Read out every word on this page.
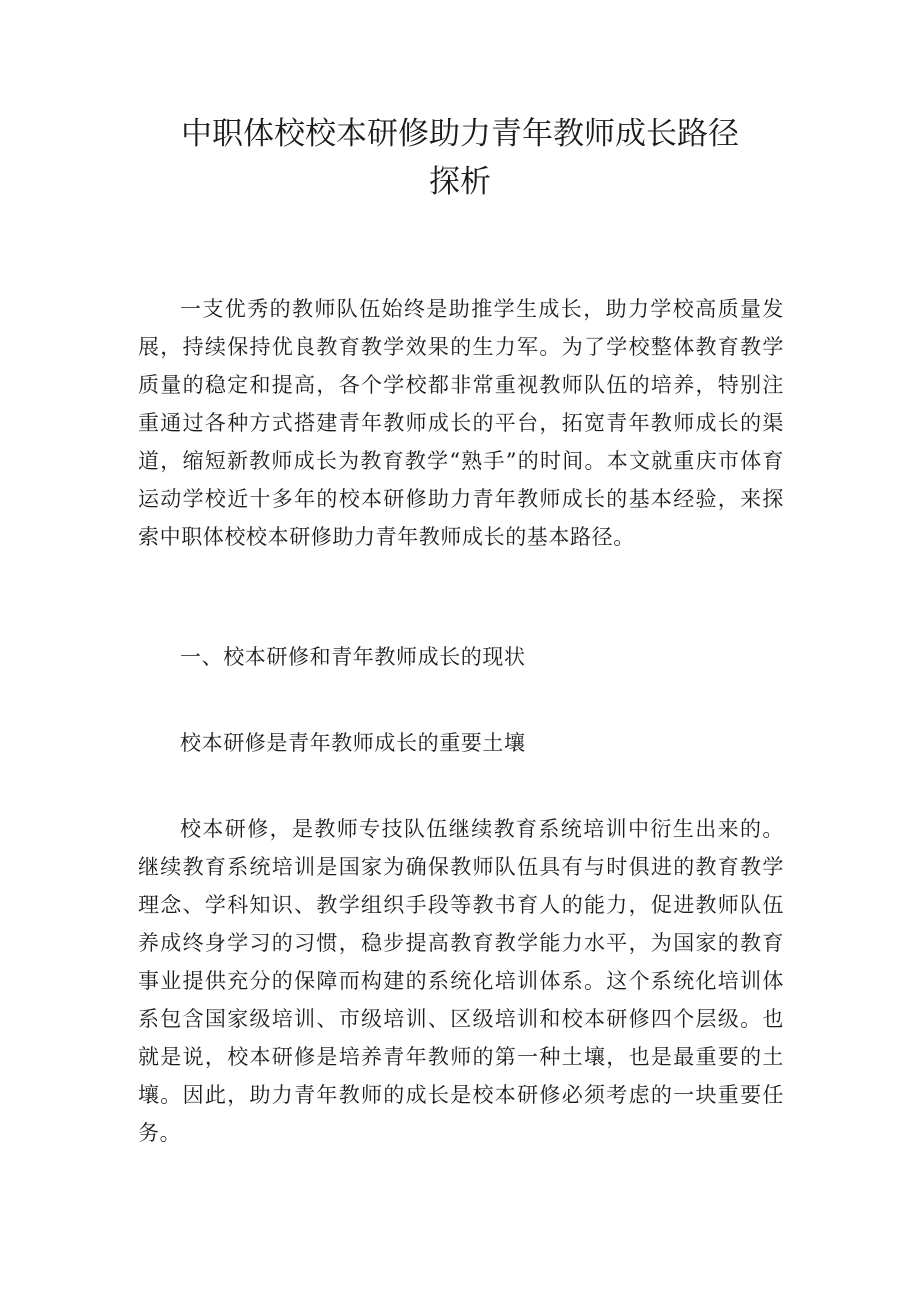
中职体校校本研修助力青年教师成长路径
探析

一支优秀的教师队伍始终是助推学生成长，助力学校高质量发展，持续保持优良教育教学效果的生力军。为了学校整体教育教学质量的稳定和提高，各个学校都非常重视教师队伍的培养，特别注重通过各种方式搭建青年教师成长的平台，拓宽青年教师成长的渠道，缩短新教师成长为教育教学“熟手”的时间。本文就重庆市体育运动学校近十多年的校本研修助力青年教师成长的基本经验，来探索中职体校校本研修助力青年教师成长的基本路径。

一、校本研修和青年教师成长的现状
校本研修是青年教师成长的重要土壤

校本研修，是教师专技队伍继续教育系统培训中衍生出来的。继续教育系统培训是国家为确保教师队伍具有与时俱进的教育教学理念、学科知识、教学组织手段等教书育人的能力，促进教师队伍养成终身学习的习惯，稳步提高教育教学能力水平，为国家的教育事业提供充分的保障而构建的系统化培训体系。这个系统化培训体系包含国家级培训、市级培训、区级培训和校本研修四个层级。也就是说，校本研修是培养青年教师的第一种土壤，也是最重要的土壤。因此，助力青年教师的成长是校本研修必须考虑的一块重要任务。
